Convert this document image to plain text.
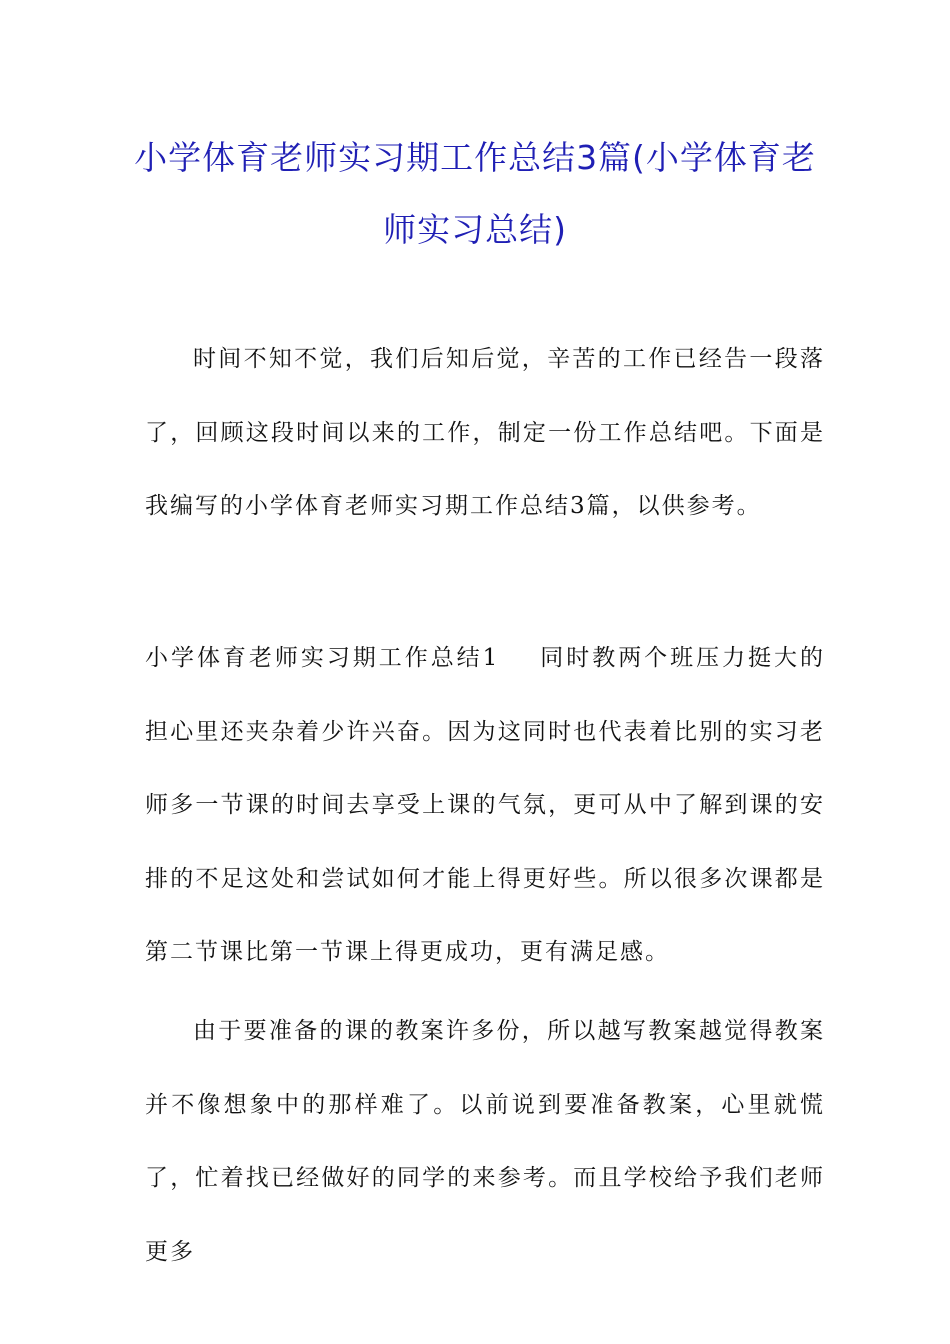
小学体育老师实习期工作总结3篇(小学体育老师实习总结)

时间不知不觉，我们后知后觉，辛苦的工作已经告一段落了，回顾这段时间以来的工作，制定一份工作总结吧。下面是我编写的小学体育老师实习期工作总结3篇，以供参考。

小学体育老师实习期工作总结1 同时教两个班压力挺大的担心里还夹杂着少许兴奋。因为这同时也代表着比别的实习老师多一节课的时间去享受上课的气氛，更可从中了解到课的安排的不足这处和尝试如何才能上得更好些。所以很多次课都是第二节课比第一节课上得更成功，更有满足感。

由于要准备的课的教案许多份，所以越写教案越觉得教案并不像想象中的那样难了。以前说到要准备教案，心里就慌了，忙着找已经做好的同学的来参考。而且学校给予我们老师更多
